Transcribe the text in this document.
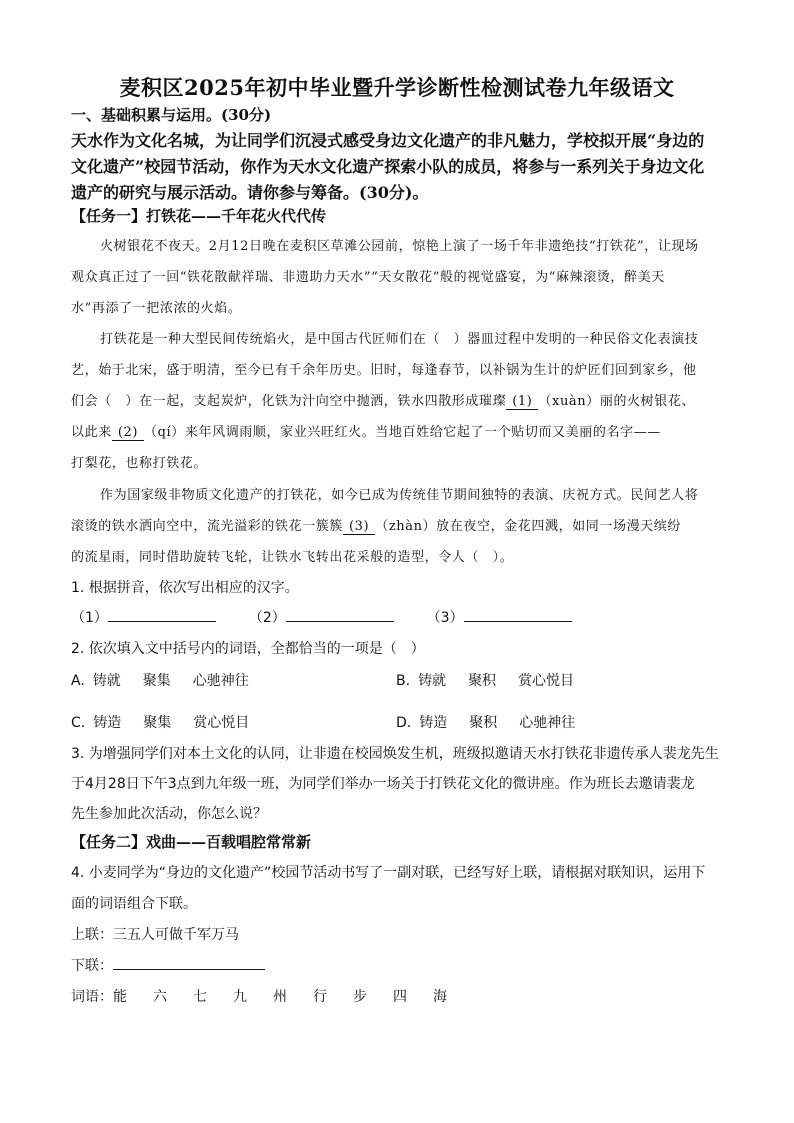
麦积区2025年初中毕业暨升学诊断性检测试卷九年级语文
一、基础积累与运用。(30分)
天水作为文化名城，为让同学们沉浸式感受身边文化遗产的非凡魅力，学校拟开展“身边的
文化遗产”校园节活动，你作为天水文化遗产探索小队的成员，将参与一系列关于身边文化
遗产的研究与展示活动。请你参与筹备。(30分)。
【任务一】打铁花——千年花火代代传
火树银花不夜天。2月12日晚在麦积区草滩公园前，惊艳上演了一场千年非遗绝技“打铁花”，让现场
观众真正过了一回“铁花散献祥瑞、非遗助力天水”“天女散花”般的视觉盛宴，为“麻辣滚烫，醉美天
水”再添了一把浓浓的火焰。
打铁花是一种大型民间传统焰火，是中国古代匠师们在（　）器皿过程中发明的一种民俗文化表演技
艺，始于北宋，盛于明清，至今已有千余年历史。旧时，每逢春节，以补锅为生计的炉匠们回到家乡，他
们会（　）在一起，支起炭炉，化铁为汁向空中抛洒，铁水四散形成璀璨 (1) （xuàn）丽的火树银花、
以此来 (2) （qí）来年风调雨顺，家业兴旺红火。当地百姓给它起了一个贴切而又美丽的名字——
打梨花，也称打铁花。
作为国家级非物质文化遗产的打铁花，如今已成为传统佳节期间独特的表演、庆祝方式。民间艺人将
滚烫的铁水洒向空中，流光溢彩的铁花一簇簇 (3) （zhàn）放在夜空，金花四溅，如同一场漫天缤纷
的流星雨，同时借助旋转飞轮，让铁水飞转出花采般的造型，令人（　）。
1. 根据拼音，依次写出相应的汉字。
（1）	（2）	（3）
2. 依次填入文中括号内的词语，全都恰当的一项是（　）
A. 铸就 聚集 心驰神往	B. 铸就 聚积 赏心悦目
C. 铸造 聚集 赏心悦目	D. 铸造 聚积 心驰神往
3. 为增强同学们对本土文化的认同，让非遗在校园焕发生机，班级拟邀请天水打铁花非遗传承人裴龙先生
于4月28日下午3点到九年级一班，为同学们举办一场关于打铁花文化的微讲座。作为班长去邀请裴龙
先生参加此次活动，你怎么说？
【任务二】戏曲——百载唱腔常常新
4. 小麦同学为“身边的文化遗产”校园节活动书写了一副对联，已经写好上联，请根据对联知识，运用下
面的词语组合下联。
上联：三五人可做千军万马
下联：
词语：能 六 七 九 州 行 步 四 海
